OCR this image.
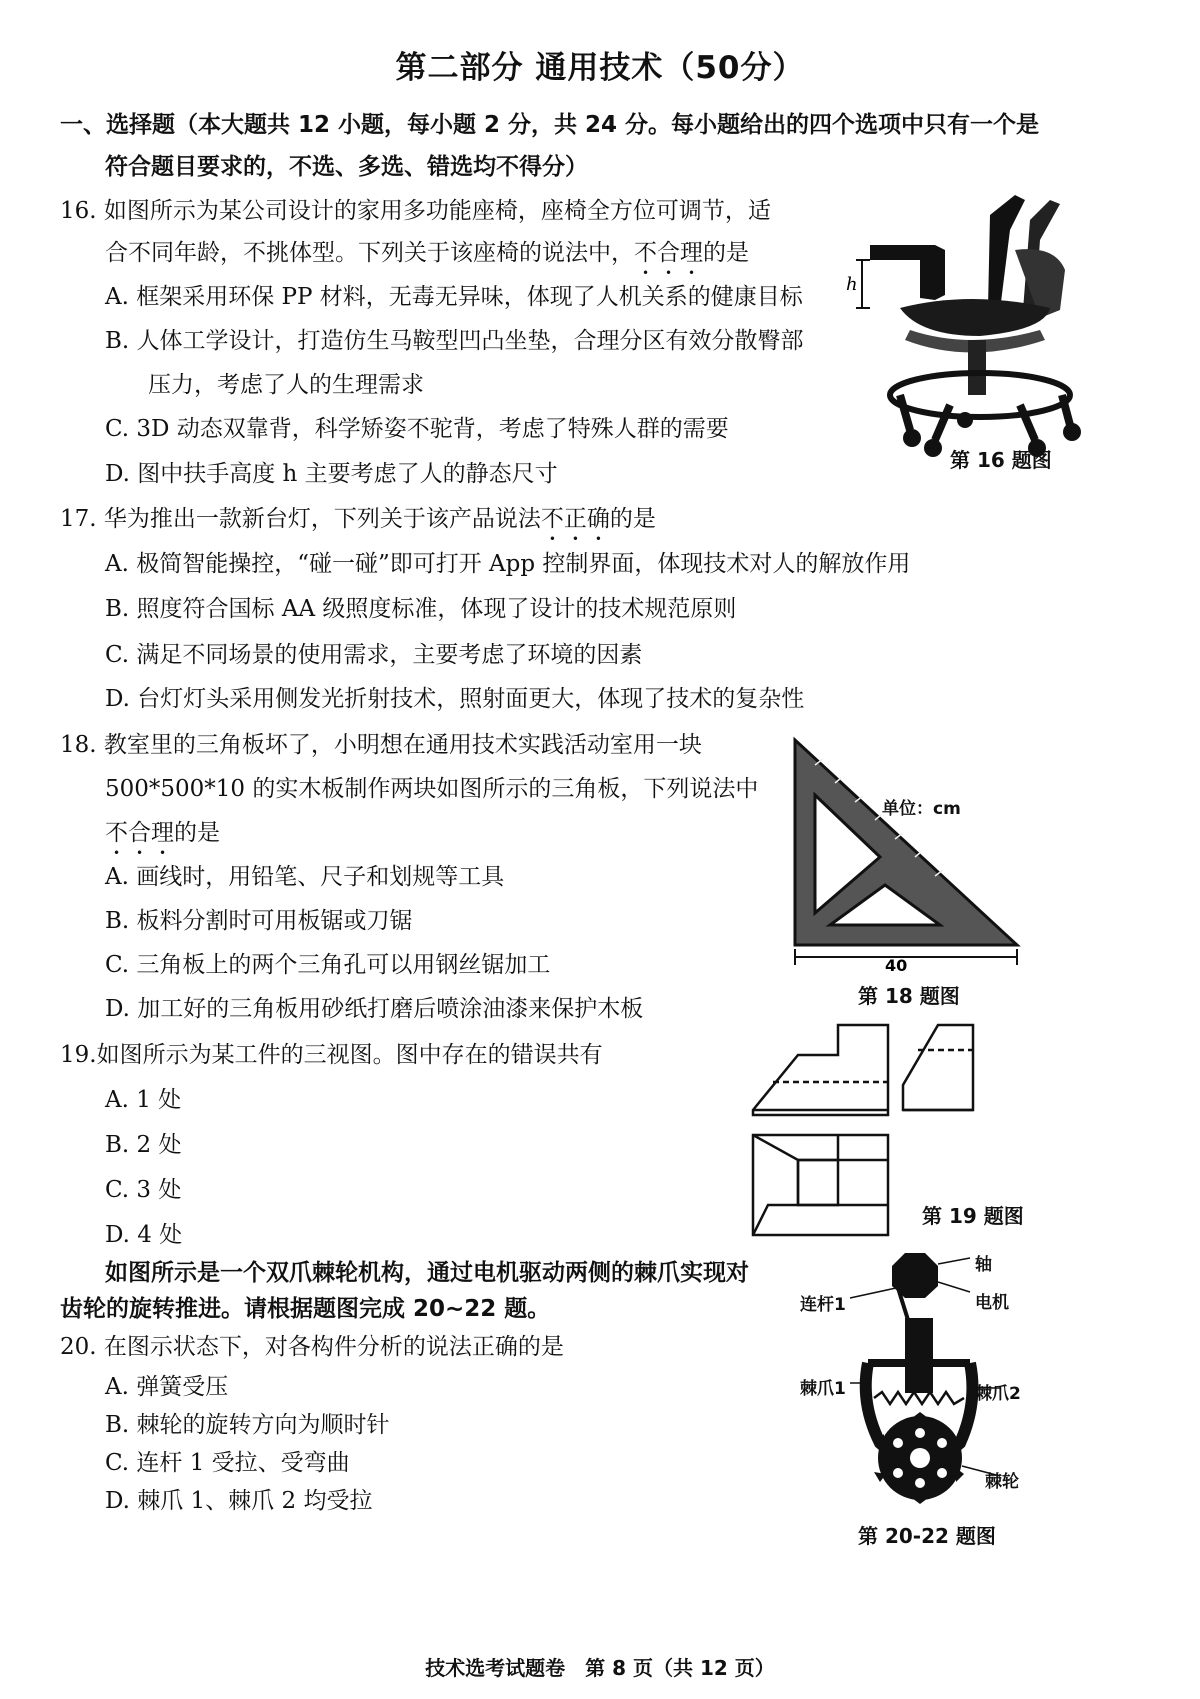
第二部分 通用技术（50分）
一、选择题（本大题共 12 小题，每小题 2 分，共 24 分。每小题给出的四个选项中只有一个是
符合题目要求的，不选、多选、错选均不得分）
16. 如图所示为某公司设计的家用多功能座椅，座椅全方位可调节，适
合不同年龄，不挑体型。下列关于该座椅的说法中，不合理的是
A. 框架采用环保 PP 材料，无毒无异味，体现了人机关系的健康目标
B. 人体工学设计，打造仿生马鞍型凹凸坐垫，合理分区有效分散臀部
压力，考虑了人的生理需求
C. 3D 动态双靠背，科学矫姿不驼背，考虑了特殊人群的需要
D. 图中扶手高度 h 主要考虑了人的静态尺寸
h
第 16 题图
17. 华为推出一款新台灯，下列关于该产品说法不正确的是
A. 极简智能操控，“碰一碰”即可打开 App 控制界面，体现技术对人的解放作用
B. 照度符合国标 AA 级照度标准，体现了设计的技术规范原则
C. 满足不同场景的使用需求，主要考虑了环境的因素
D. 台灯灯头采用侧发光折射技术，照射面更大，体现了技术的复杂性
18. 教室里的三角板坏了，小明想在通用技术实践活动室用一块
500*500*10 的实木板制作两块如图所示的三角板，下列说法中
不合理的是
A. 画线时，用铅笔、尺子和划规等工具
B. 板料分割时可用板锯或刀锯
C. 三角板上的两个三角孔可以用钢丝锯加工
D. 加工好的三角板用砂纸打磨后喷涂油漆来保护木板
40
单位：cm
第 18 题图
19.如图所示为某工件的三视图。图中存在的错误共有
A. 1 处
B. 2 处
C. 3 处
D. 4 处
第 19 题图
如图所示是一个双爪棘轮机构，通过电机驱动两侧的棘爪实现对
齿轮的旋转推进。请根据题图完成 20~22 题。
20. 在图示状态下，对各构件分析的说法正确的是
A. 弹簧受压
B. 棘轮的旋转方向为顺时针
C. 连杆 1 受拉、受弯曲
D. 棘爪 1、棘爪 2 均受拉
轴
电机
连杆1
棘爪1	棘爪2
棘轮
第 20-22 题图
技术选考试题卷　第 8 页（共 12 页）
